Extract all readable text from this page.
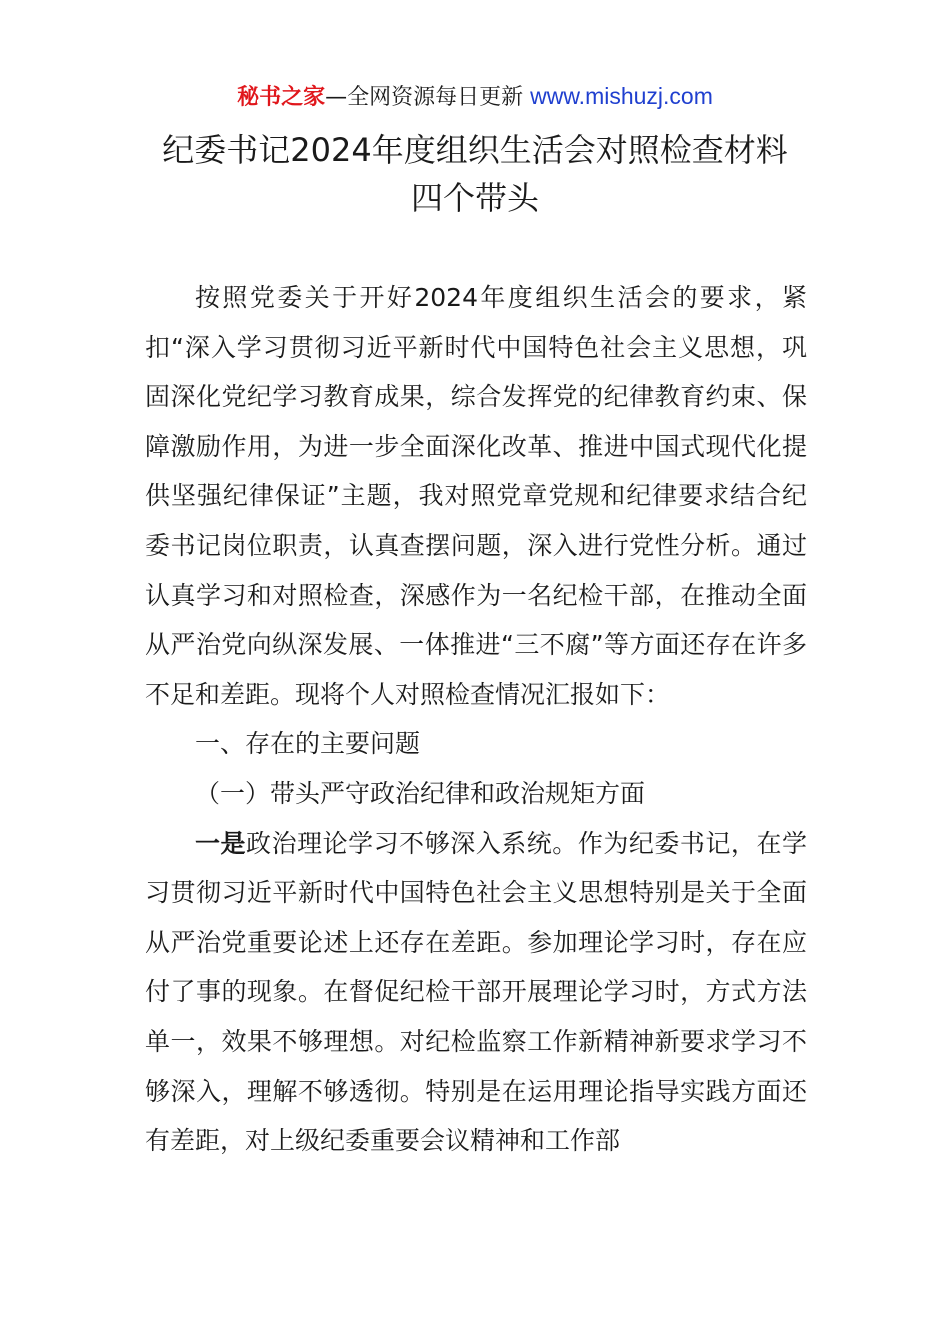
秘书之家—全网资源每日更新 www.mishuzj.com
纪委书记2024年度组织生活会对照检查材料
四个带头

按照党委关于开好2024年度组织生活会的要求，紧扣“深入学习贯彻习近平新时代中国特色社会主义思想，巩固深化党纪学习教育成果，综合发挥党的纪律教育约束、保障激励作用，为进一步全面深化改革、推进中国式现代化提供坚强纪律保证”主题，我对照党章党规和纪律要求结合纪委书记岗位职责，认真查摆问题，深入进行党性分析。通过认真学习和对照检查，深感作为一名纪检干部，在推动全面从严治党向纵深发展、一体推进“三不腐”等方面还存在许多不足和差距。现将个人对照检查情况汇报如下：

一、存在的主要问题

（一）带头严守政治纪律和政治规矩方面

一是政治理论学习不够深入系统。作为纪委书记，在学习贯彻习近平新时代中国特色社会主义思想特别是关于全面从严治党重要论述上还存在差距。参加理论学习时，存在应付了事的现象。在督促纪检干部开展理论学习时，方式方法单一，效果不够理想。对纪检监察工作新精神新要求学习不够深入，理解不够透彻。特别是在运用理论指导实践方面还有差距，对上级纪委重要会议精神和工作部
